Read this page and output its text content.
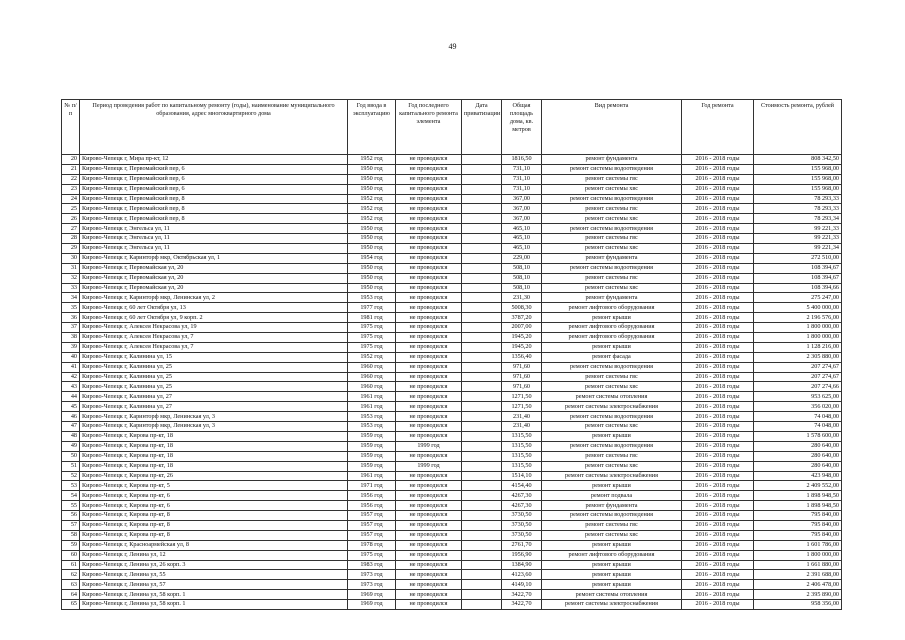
49
№ п/п	Период проведения работ по капитальному ремонту (годы), наименование муниципального образования, адрес многоквартирного дома	Год ввода в эксплуатацию	Год последнего капитального ремонта элемента	Дата приватизации	Общая площадь дома, кв. метров	Вид ремонта	Год ремонта	Стоимость ремонта, рублей
20	Кирово-Чепецк г, Мира пр-кт, 12	1952 год	не проводился		1816,50	ремонт фундамента	2016 - 2018 годы	808 342,50
21	Кирово-Чепецк г, Первомайский пер, 6	1950 год	не проводился		731,10	ремонт системы водоотведения	2016 - 2018 годы	155 968,00
22	Кирово-Чепецк г, Первомайский пер, 6	1950 год	не проводился		731,10	ремонт системы гвс	2016 - 2018 годы	155 968,00
23	Кирово-Чепецк г, Первомайский пер, 6	1950 год	не проводился		731,10	ремонт системы хвс	2016 - 2018 годы	155 968,00
24	Кирово-Чепецк г, Первомайский пер, 8	1952 год	не проводился		367,00	ремонт системы водоотведения	2016 - 2018 годы	78 293,33
25	Кирово-Чепецк г, Первомайский пер, 8	1952 год	не проводился		367,00	ремонт системы гвс	2016 - 2018 годы	78 293,33
26	Кирово-Чепецк г, Первомайский пер, 8	1952 год	не проводился		367,00	ремонт системы хвс	2016 - 2018 годы	78 293,34
27	Кирово-Чепецк г, Энгельса ул, 11	1950 год	не проводился		465,10	ремонт системы водоотведения	2016 - 2018 годы	99 221,33
28	Кирово-Чепецк г, Энгельса ул, 11	1950 год	не проводился		465,10	ремонт системы гвс	2016 - 2018 годы	99 221,33
29	Кирово-Чепецк г, Энгельса ул, 11	1950 год	не проводился		465,10	ремонт системы хвс	2016 - 2018 годы	99 221,34
30	Кирово-Чепецк г, Каринторф мкр, Октябрьская ул, 1	1954 год	не проводился		229,00	ремонт фундамента	2016 - 2018 годы	272 510,00
31	Кирово-Чепецк г, Первомайская ул, 20	1950 год	не проводился		508,10	ремонт системы водоотведения	2016 - 2018 годы	108 394,67
32	Кирово-Чепецк г, Первомайская ул, 20	1950 год	не проводился		508,10	ремонт системы гвс	2016 - 2018 годы	108 394,67
33	Кирово-Чепецк г, Первомайская ул, 20	1950 год	не проводился		508,10	ремонт системы хвс	2016 - 2018 годы	108 394,66
34	Кирово-Чепецк г, Каринторф мкр, Ленинская ул, 2	1953 год	не проводился		231,30	ремонт фундамента	2016 - 2018 годы	275 247,00
35	Кирово-Чепецк г, 60 лет Октября ул, 13	1977 год	не проводился		5008,30	ремонт лифтового оборудования	2016 - 2018 годы	5 400 000,00
36	Кирово-Чепецк г, 60 лет Октября ул, 9 корп. 2	1981 год	не проводился		3787,20	ремонт крыши	2016 - 2018 годы	2 196 576,00
37	Кирово-Чепецк г, Алексея Некрасова ул, 19	1975 год	не проводился		2007,00	ремонт лифтового оборудования	2016 - 2018 годы	1 800 000,00
38	Кирово-Чепецк г, Алексея Некрасова ул, 7	1975 год	не проводился		1945,20	ремонт лифтового оборудования	2016 - 2018 годы	1 800 000,00
39	Кирово-Чепецк г, Алексея Некрасова ул, 7	1975 год	не проводился		1945,20	ремонт крыши	2016 - 2018 годы	1 128 216,00
40	Кирово-Чепецк г, Калинина ул, 15	1952 год	не проводился		1356,40	ремонт фасада	2016 - 2018 годы	2 305 880,00
41	Кирово-Чепецк г, Калинина ул, 25	1960 год	не проводился		971,60	ремонт системы водоотведения	2016 - 2018 годы	207 274,67
42	Кирово-Чепецк г, Калинина ул, 25	1960 год	не проводился		971,60	ремонт системы гвс	2016 - 2018 годы	207 274,67
43	Кирово-Чепецк г, Калинина ул, 25	1960 год	не проводился		971,60	ремонт системы хвс	2016 - 2018 годы	207 274,66
44	Кирово-Чепецк г, Калинина ул, 27	1961 год	не проводился		1271,50	ремонт системы отопления	2016 - 2018 годы	953 625,00
45	Кирово-Чепецк г, Калинина ул, 27	1961 год	не проводился		1271,50	ремонт системы электроснабжения	2016 - 2018 годы	356 020,00
46	Кирово-Чепецк г, Каринторф мкр, Ленинская ул, 3	1953 год	не проводился		231,40	ремонт системы водоотведения	2016 - 2018 годы	74 048,00
47	Кирово-Чепецк г, Каринторф мкр, Ленинская ул, 3	1953 год	не проводился		231,40	ремонт системы хвс	2016 - 2018 годы	74 048,00
48	Кирово-Чепецк г, Кирова пр-кт, 18	1959 год	не проводился		1315,50	ремонт крыши	2016 - 2018 годы	1 578 600,00
49	Кирово-Чепецк г, Кирова пр-кт, 18	1959 год	1999 год		1315,50	ремонт системы водоотведения	2016 - 2018 годы	280 640,00
50	Кирово-Чепецк г, Кирова пр-кт, 18	1959 год	не проводился		1315,50	ремонт системы гвс	2016 - 2018 годы	280 640,00
51	Кирово-Чепецк г, Кирова пр-кт, 18	1959 год	1999 год		1315,50	ремонт системы хвс	2016 - 2018 годы	280 640,00
52	Кирово-Чепецк г, Кирова пр-кт, 26	1961 год	не проводился		1514,10	ремонт системы электроснабжения	2016 - 2018 годы	423 948,00
53	Кирово-Чепецк г, Кирова пр-кт, 5	1971 год	не проводился		4154,40	ремонт крыши	2016 - 2018 годы	2 409 552,00
54	Кирово-Чепецк г, Кирова пр-кт, 6	1956 год	не проводился		4267,30	ремонт подвала	2016 - 2018 годы	1 898 948,50
55	Кирово-Чепецк г, Кирова пр-кт, 6	1956 год	не проводился		4267,30	ремонт фундамента	2016 - 2018 годы	1 898 948,50
56	Кирово-Чепецк г, Кирова пр-кт, 8	1957 год	не проводился		3730,50	ремонт системы водоотведения	2016 - 2018 годы	795 840,00
57	Кирово-Чепецк г, Кирова пр-кт, 8	1957 год	не проводился		3730,50	ремонт системы гвс	2016 - 2018 годы	795 840,00
58	Кирово-Чепецк г, Кирова пр-кт, 8	1957 год	не проводился		3730,50	ремонт системы хвс	2016 - 2018 годы	795 840,00
59	Кирово-Чепецк г, Красноармейская ул, 8	1978 год	не проводился		2761,70	ремонт крыши	2016 - 2018 годы	1 601 786,00
60	Кирово-Чепецк г, Ленина ул, 12	1975 год	не проводился		1956,90	ремонт лифтового оборудования	2016 - 2018 годы	1 800 000,00
61	Кирово-Чепецк г, Ленина ул, 26 корп. 3	1983 год	не проводился		1384,90	ремонт крыши	2016 - 2018 годы	1 661 880,00
62	Кирово-Чепецк г, Ленина ул, 55	1973 год	не проводился		4123,60	ремонт крыши	2016 - 2018 годы	2 391 688,00
63	Кирово-Чепецк г, Ленина ул, 57	1973 год	не проводился		4149,10	ремонт крыши	2016 - 2018 годы	2 406 478,00
64	Кирово-Чепецк г, Ленина ул, 58 корп. 1	1969 год	не проводился		3422,70	ремонт системы отопления	2016 - 2018 годы	2 395 890,00
65	Кирово-Чепецк г, Ленина ул, 58 корп. 1	1969 год	не проводился		3422,70	ремонт системы электроснабжения	2016 - 2018 годы	958 356,00
